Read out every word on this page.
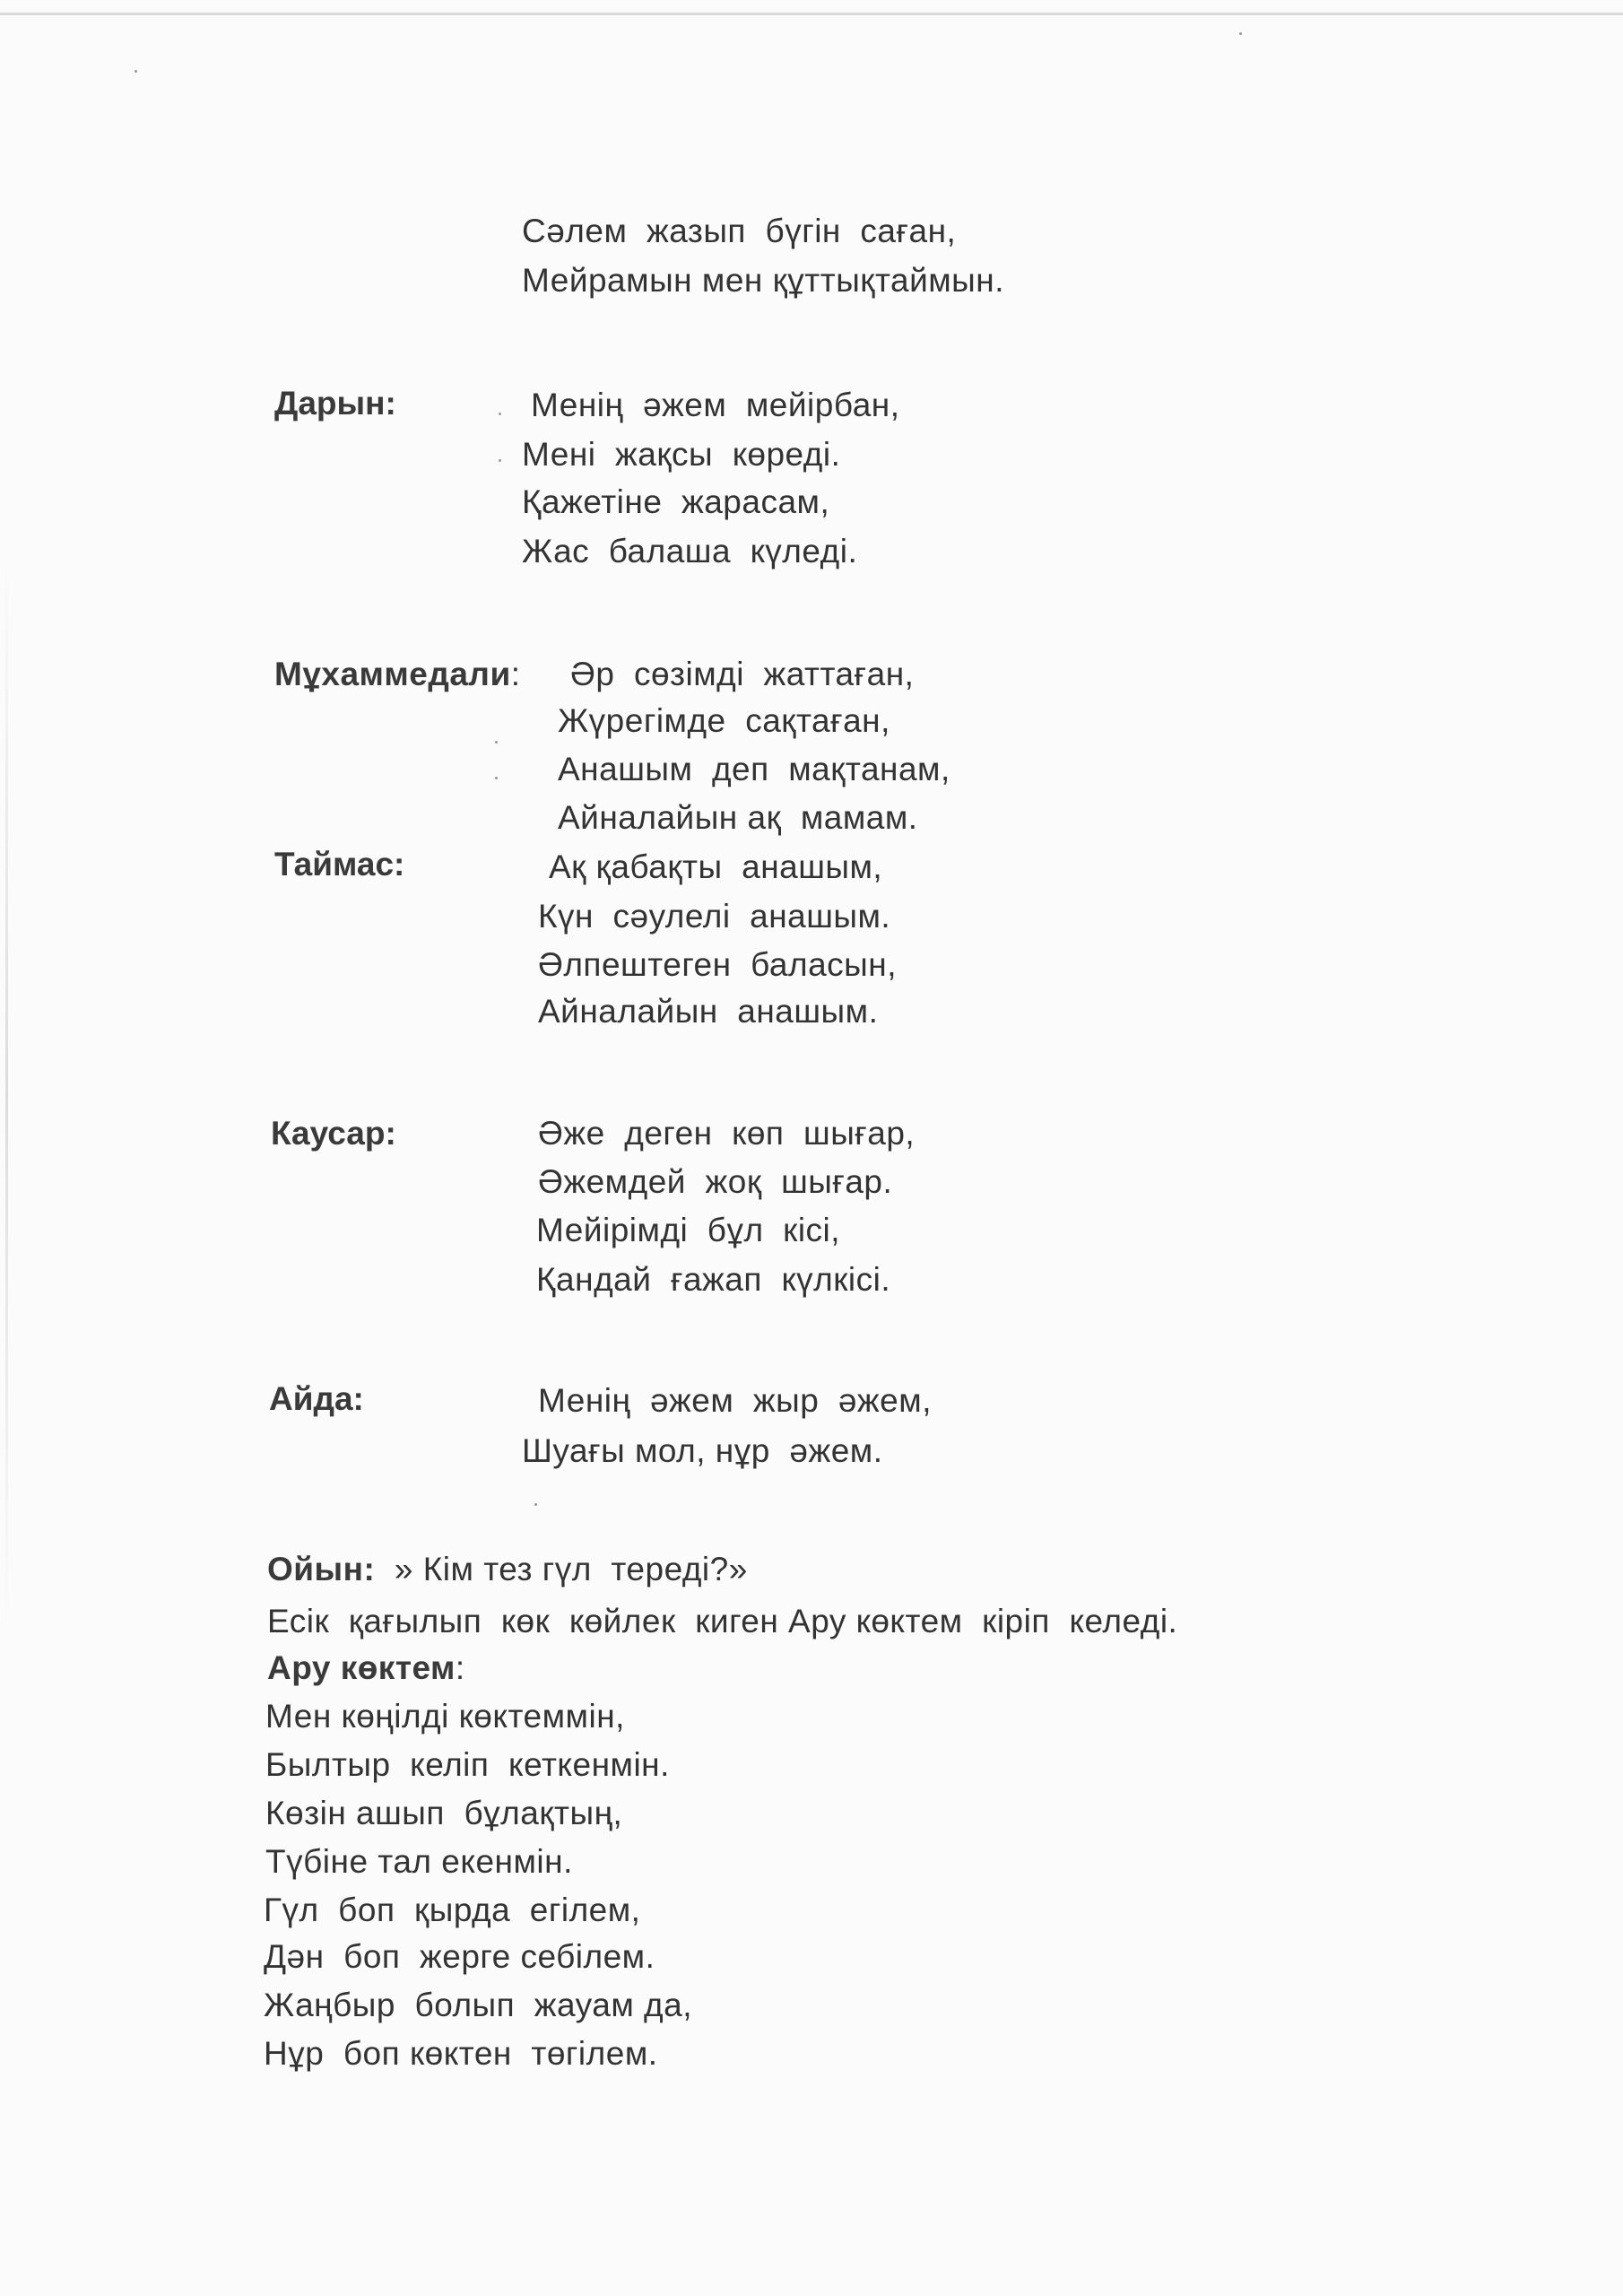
Сәлем  жазып  бүгін  саған,
Мейрамын мен құттықтаймын.
Дарын:	Менің  әжем  мейірбан,
Мені  жақсы  көреді.
Қажетіне  жарасам,
Жас  балаша  күледі.
Мұхаммедали: Әр  сөзімді  жаттаған,
Жүрегімде  сақтаған,
Анашым  деп  мақтанам,
Айналайын ақ  мамам.
Таймас:	Ақ қабақты  анашым,
Күн  сәулелі  анашым.
Әлпештеген  баласын,
Айналайын  анашым.
Каусар:	Әже  деген  көп  шығар,
Әжемдей  жоқ  шығар.
Мейірімді  бұл  кісі,
Қандай  ғажап  күлкісі.
Айда:	Менің  әжем  жыр  әжем,
Шуағы мол, нұр  әжем.
Ойын: » Кім тез гүл  тереді?»
Есік  қағылып  көк  көйлек  киген Ару көктем  кіріп  келеді.
Ару көктем:
Мен көңілді көктеммін,
Былтыр  келіп  кеткенмін.
Көзін ашып  бұлақтың,
Түбіне тал екенмін.
Гүл  боп  қырда  егілем,
Дән  боп  жерге себілем.
Жаңбыр  болып  жауам да,
Нұр  боп көктен  төгілем.
